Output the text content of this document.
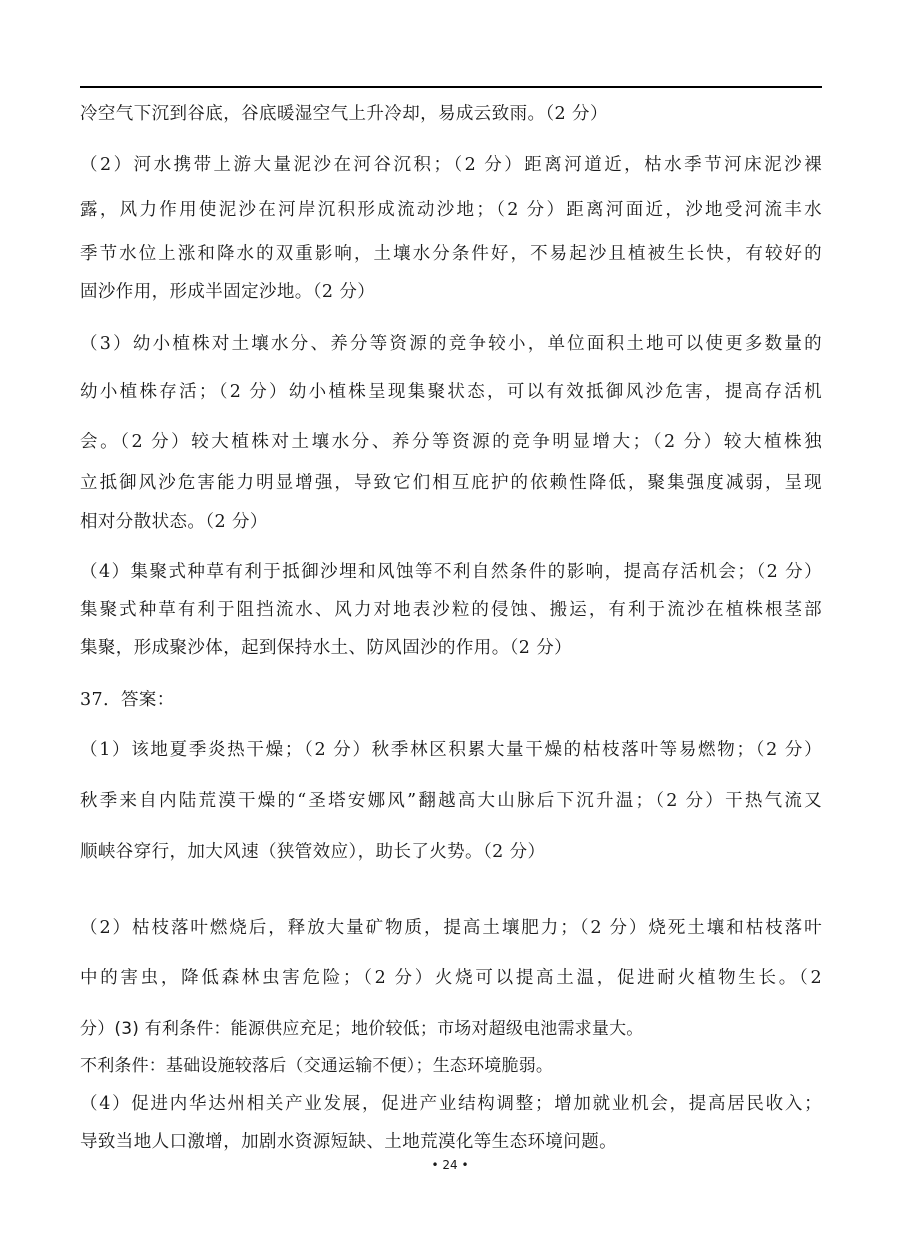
冷空气下沉到谷底，谷底暖湿空气上升冷却，易成云致雨。（2 分）
（2）河水携带上游大量泥沙在河谷沉积；（2 分）距离河道近，枯水季节河床泥沙裸
露，风力作用使泥沙在河岸沉积形成流动沙地；（2 分）距离河面近，沙地受河流丰水
季节水位上涨和降水的双重影响，土壤水分条件好，不易起沙且植被生长快，有较好的
固沙作用，形成半固定沙地。（2 分）
（3）幼小植株对土壤水分、养分等资源的竞争较小，单位面积土地可以使更多数量的
幼小植株存活；（2 分）幼小植株呈现集聚状态，可以有效抵御风沙危害，提高存活机
会。（2 分）较大植株对土壤水分、养分等资源的竞争明显增大；（2 分）较大植株独
立抵御风沙危害能力明显增强，导致它们相互庇护的依赖性降低，聚集强度减弱，呈现
相对分散状态。（2 分）
（4）集聚式种草有利于抵御沙埋和风蚀等不利自然条件的影响，提高存活机会；（2 分）
集聚式种草有利于阻挡流水、风力对地表沙粒的侵蚀、搬运，有利于流沙在植株根茎部
集聚，形成聚沙体，起到保持水土、防风固沙的作用。（2 分）
37．答案：
（1）该地夏季炎热干燥；（2 分）秋季林区积累大量干燥的枯枝落叶等易燃物；（2 分）
秋季来自内陆荒漠干燥的“圣塔安娜风”翻越高大山脉后下沉升温；（2 分）干热气流又
顺峡谷穿行，加大风速（狭管效应），助长了火势。（2 分）
（2）枯枝落叶燃烧后，释放大量矿物质，提高土壤肥力；（2 分）烧死土壤和枯枝落叶
中的害虫，降低森林虫害危险；（2 分）火烧可以提高土温，促进耐火植物生长。（2
分）(3) 有利条件：能源供应充足；地价较低；市场对超级电池需求量大。
不利条件：基础设施较落后（交通运输不便）；生态环境脆弱。
（4）促进内华达州相关产业发展，促进产业结构调整；增加就业机会，提高居民收入；
导致当地人口激增，加剧水资源短缺、土地荒漠化等生态环境问题。
• 24 •
